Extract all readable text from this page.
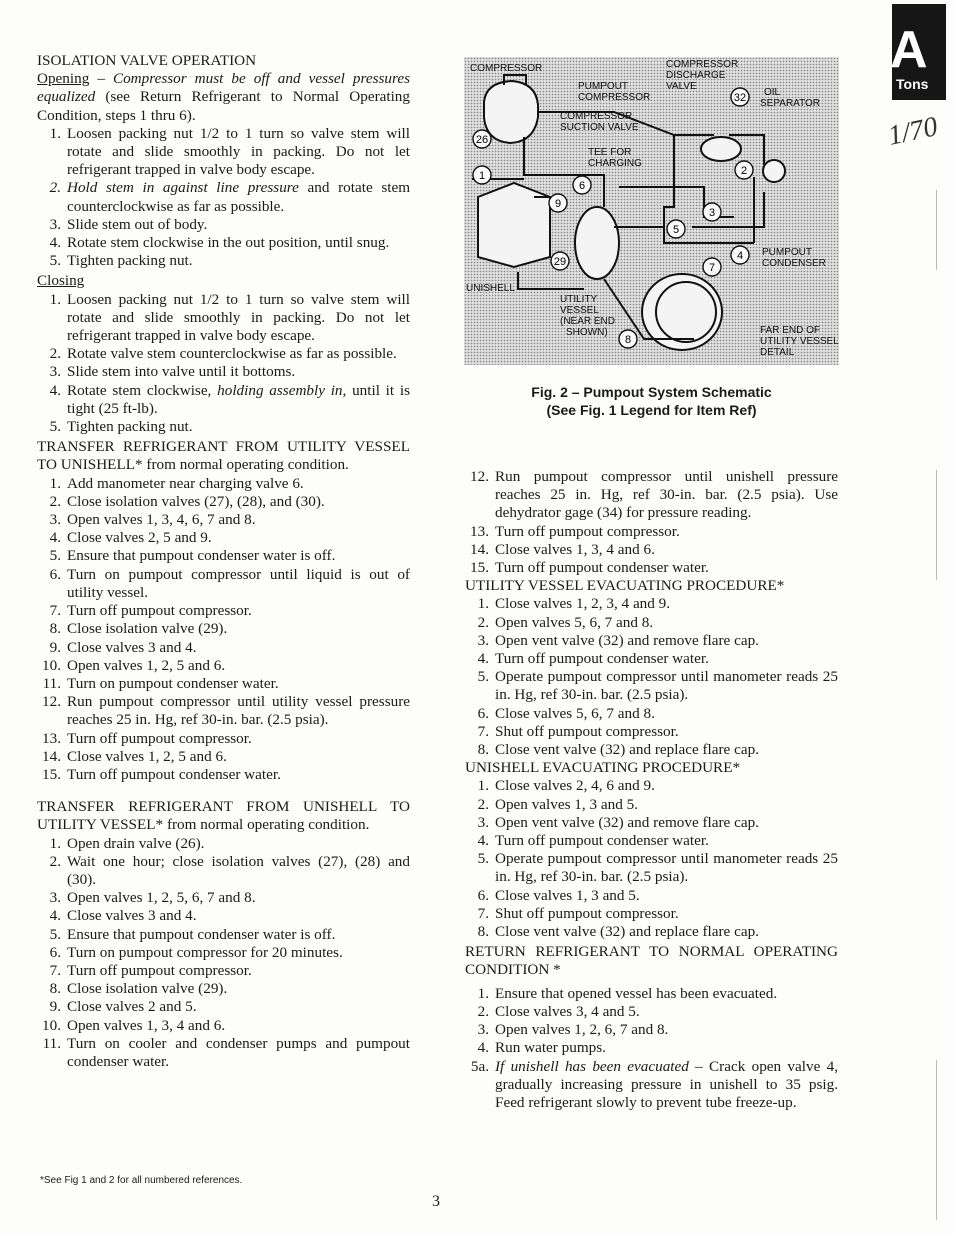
A
Tons
1/70
ISOLATION VALVE OPERATION

Opening – Compressor must be off and vessel pressures equalized (see Return Refrigerant to Normal Operating Condition, steps 1 thru 6).

1. Loosen packing nut 1/2 to 1 turn so valve stem will rotate and slide smoothly in packing. Do not let refrigerant trapped in valve body escape.
2. Hold stem in against line pressure and rotate stem counterclockwise as far as possible.
3. Slide stem out of body.
4. Rotate stem clockwise in the out position, until snug.
5. Tighten packing nut.
Closing
1. Loosen packing nut 1/2 to 1 turn so valve stem will rotate and slide smoothly in packing. Do not let refrigerant trapped in valve body escape.
2. Rotate valve stem counterclockwise as far as possible.
3. Slide stem into valve until it bottoms.
4. Rotate stem clockwise, holding assembly in, until it is tight (25 ft-lb).
5. Tighten packing nut.

TRANSFER REFRIGERANT FROM UTILITY VESSEL TO UNISHELL* from normal operating condition.

1. Add manometer near charging valve 6.
2. Close isolation valves (27), (28), and (30).
3. Open valves 1, 3, 4, 6, 7 and 8.
4. Close valves 2, 5 and 9.
5. Ensure that pumpout condenser water is off.
6. Turn on pumpout compressor until liquid is out of utility vessel.
7. Turn off pumpout compressor.
8. Close isolation valve (29).
9. Close valves 3 and 4.
10. Open valves 1, 2, 5 and 6.
11. Turn on pumpout condenser water.
12. Run pumpout compressor until utility vessel pressure reaches 25 in. Hg, ref 30-in. bar. (2.5 psia).
13. Turn off pumpout compressor.
14. Close valves 1, 2, 5 and 6.
15. Turn off pumpout condenser water.

TRANSFER REFRIGERANT FROM UNISHELL TO UTILITY VESSEL* from normal operating condition.

1. Open drain valve (26).
2. Wait one hour; close isolation valves (27), (28) and (30).
3. Open valves 1, 2, 5, 6, 7 and 8.
4. Close valves 3 and 4.
5. Ensure that pumpout condenser water is off.
6. Turn on pumpout compressor for 20 minutes.
7. Turn off pumpout compressor.
8. Close isolation valve (29).
9. Close valves 2 and 5.
10. Open valves 1, 3, 4 and 6.
11. Turn on cooler and condenser pumps and pumpout condenser water.
COMPRESSOR
PUMPOUT
COMPRESSOR
COMPRESSOR
DISCHARGE
VALVE
OIL
SEPARATOR
COMPRESSOR
SUCTION VALVE
TEE FOR
CHARGING
PUMPOUT
CONDENSER
UNISHELL
UTILITY
VESSEL
(NEAR END
SHOWN)	FAR END OF
UTILITY VESSEL
DETAIL
32
26
2
1
6
3
9
5
4
29	7
8
Fig. 2 – Pumpout System Schematic
(See Fig. 1 Legend for Item Ref)
12. Run pumpout compressor until unishell pressure reaches 25 in. Hg, ref 30-in. bar. (2.5 psia). Use dehydrator gage (34) for pressure reading.
13. Turn off pumpout compressor.
14. Close valves 1, 3, 4 and 6.
15. Turn off pumpout condenser water.
UTILITY VESSEL EVACUATING PROCEDURE*
1. Close valves 1, 2, 3, 4 and 9.
2. Open valves 5, 6, 7 and 8.
3. Open vent valve (32) and remove flare cap.
4. Turn off pumpout condenser water.
5. Operate pumpout compressor until manometer reads 25 in. Hg, ref 30-in. bar. (2.5 psia).
6. Close valves 5, 6, 7 and 8.
7. Shut off pumpout compressor.
8. Close vent valve (32) and replace flare cap.
UNISHELL EVACUATING PROCEDURE*
1. Close valves 2, 4, 6 and 9.
2. Open valves 1, 3 and 5.
3. Open vent valve (32) and remove flare cap.
4. Turn off pumpout condenser water.
5. Operate pumpout compressor until manometer reads 25 in. Hg, ref 30-in. bar. (2.5 psia).
6. Close valves 1, 3 and 5.
7. Shut off pumpout compressor.
8. Close vent valve (32) and replace flare cap.
RETURN REFRIGERANT TO NORMAL OPERATING CONDITION *
1. Ensure that opened vessel has been evacuated.
2. Close valves 3, 4 and 5.
3. Open valves 1, 2, 6, 7 and 8.
4. Run water pumps.
5a. If unishell has been evacuated – Crack open valve 4, gradually increasing pressure in unishell to 35 psig. Feed refrigerant slowly to prevent tube freeze-up.
*See Fig 1 and 2 for all numbered references.
3
